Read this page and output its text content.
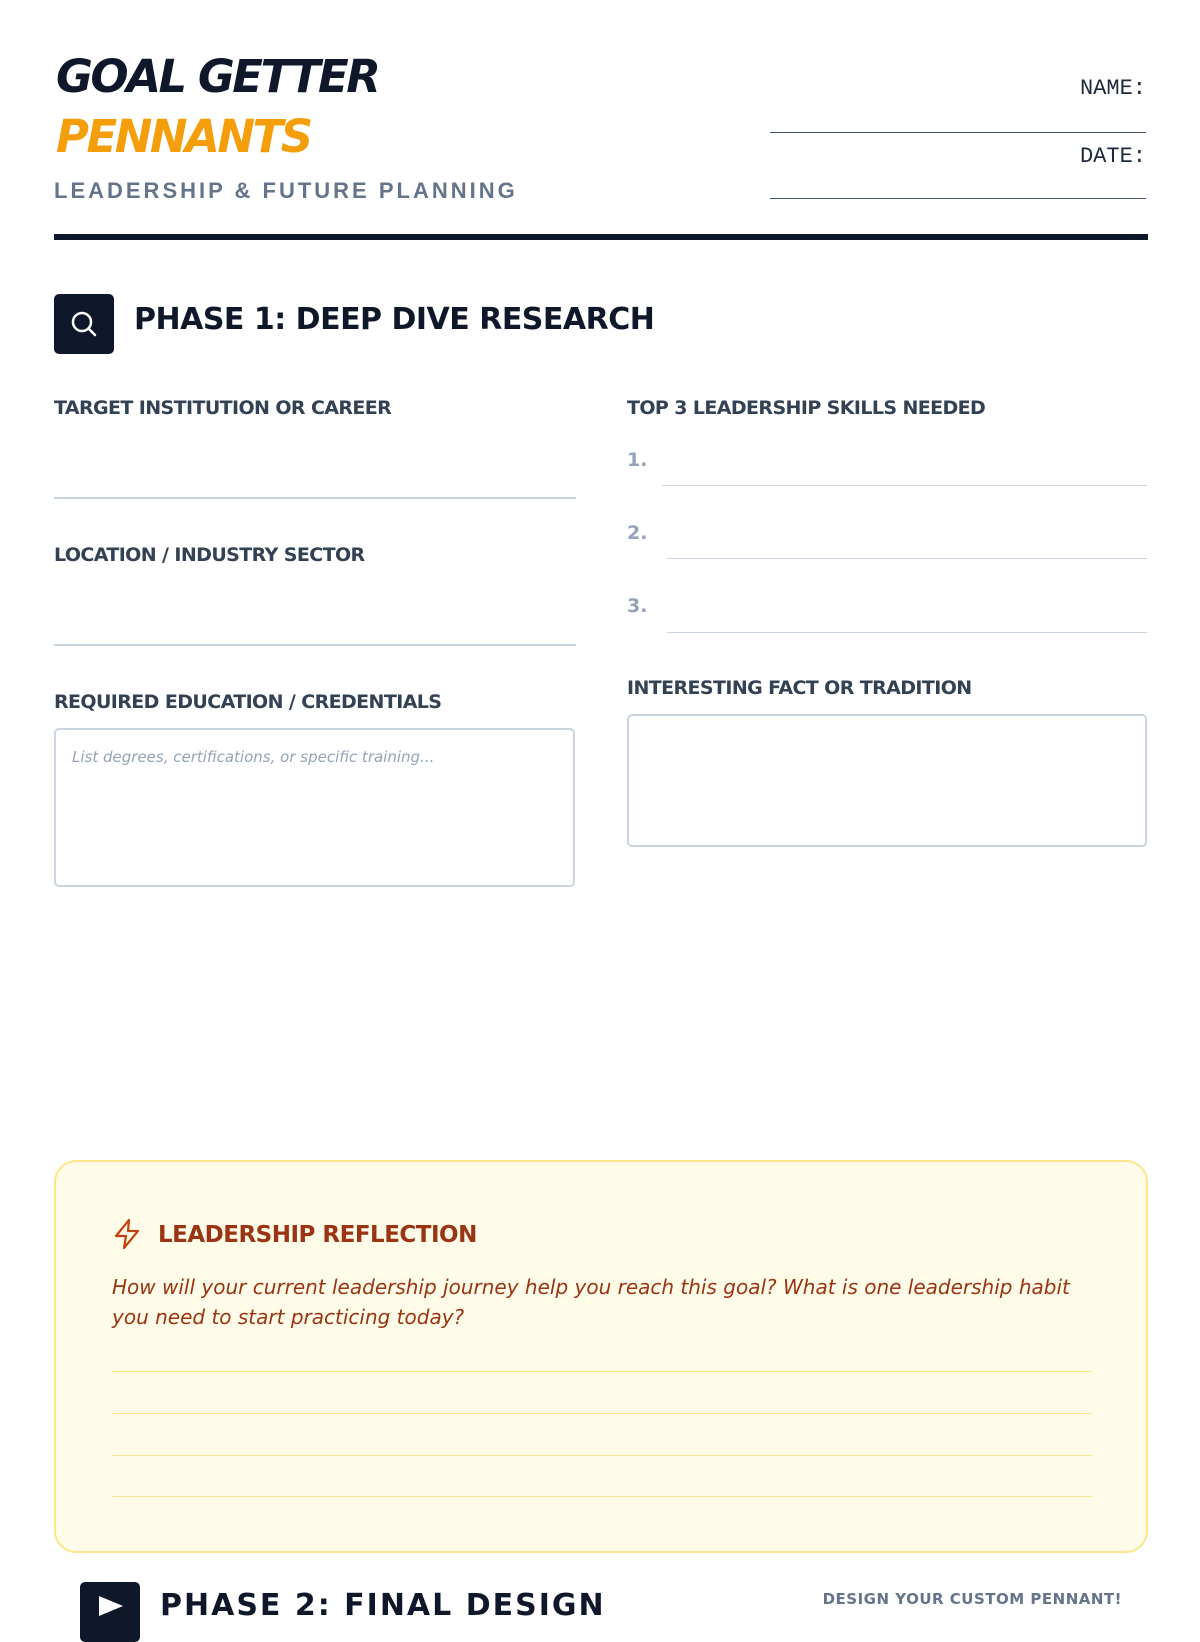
GOAL GETTER
PENNANTS
LEADERSHIP & FUTURE PLANNING
NAME:
DATE:
PHASE 1: DEEP DIVE RESEARCH
TARGET INSTITUTION OR CAREER
LOCATION / INDUSTRY SECTOR
REQUIRED EDUCATION / CREDENTIALS
List degrees, certifications, or specific training...
TOP 3 LEADERSHIP SKILLS NEEDED
1.
2.
3.
INTERESTING FACT OR TRADITION
LEADERSHIP REFLECTION
How will your current leadership journey help you reach this goal? What is one leadership habit you need to start practicing today?
PHASE 2: FINAL DESIGN	DESIGN YOUR CUSTOM PENNANT!
